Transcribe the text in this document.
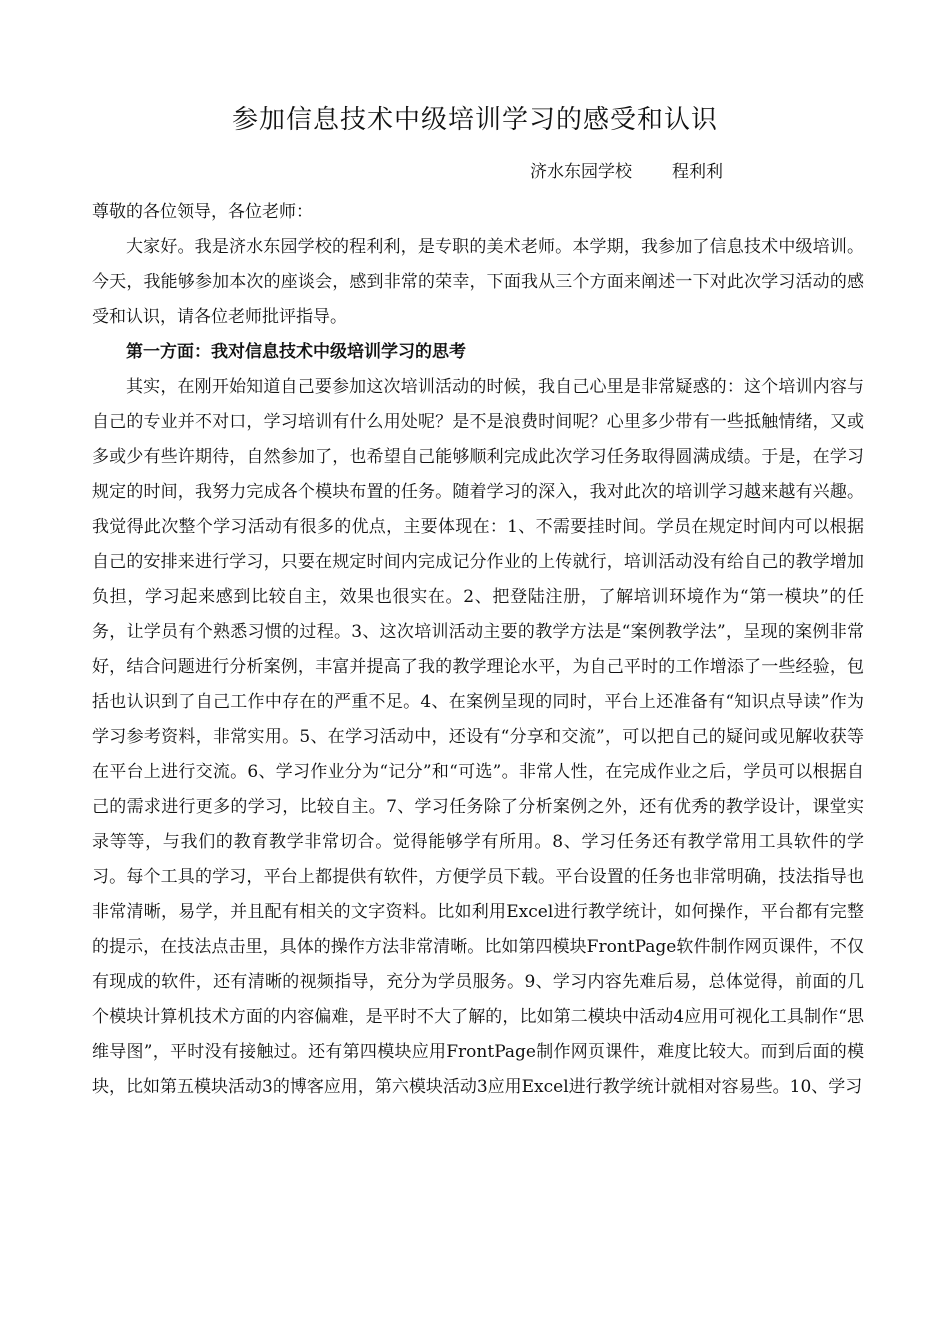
参加信息技术中级培训学习的感受和认识
济水东园学校 程利利

尊敬的各位领导，各位老师：

大家好。我是济水东园学校的程利利，是专职的美术老师。本学期，我参加了信息技术中级培训。今天，我能够参加本次的座谈会，感到非常的荣幸，下面我从三个方面来阐述一下对此次学习活动的感受和认识，请各位老师批评指导。

第一方面：我对信息技术中级培训学习的思考

其实，在刚开始知道自己要参加这次培训活动的时候，我自己心里是非常疑惑的：这个培训内容与自己的专业并不对口，学习培训有什么用处呢？是不是浪费时间呢？心里多少带有一些抵触情绪，又或多或少有些许期待，自然参加了，也希望自己能够顺利完成此次学习任务取得圆满成绩。于是，在学习规定的时间，我努力完成各个模块布置的任务。随着学习的深入，我对此次的培训学习越来越有兴趣。我觉得此次整个学习活动有很多的优点，主要体现在：1、不需要挂时间。学员在规定时间内可以根据自己的安排来进行学习，只要在规定时间内完成记分作业的上传就行，培训活动没有给自己的教学增加负担，学习起来感到比较自主，效果也很实在。2、把登陆注册，了解培训环境作为“第一模块”的任务，让学员有个熟悉习惯的过程。3、这次培训活动主要的教学方法是“案例教学法”，呈现的案例非常好，结合问题进行分析案例，丰富并提高了我的教学理论水平，为自己平时的工作增添了一些经验，包括也认识到了自己工作中存在的严重不足。4、在案例呈现的同时，平台上还准备有“知识点导读”作为学习参考资料，非常实用。5、在学习活动中，还设有“分享和交流”，可以把自己的疑问或见解收获等在平台上进行交流。6、学习作业分为“记分”和“可选”。非常人性，在完成作业之后，学员可以根据自己的需求进行更多的学习，比较自主。7、学习任务除了分析案例之外，还有优秀的教学设计，课堂实录等等，与我们的教育教学非常切合。觉得能够学有所用。8、学习任务还有教学常用工具软件的学习。每个工具的学习，平台上都提供有软件，方便学员下载。平台设置的任务也非常明确，技法指导也非常清晰，易学，并且配有相关的文字资料。比如利用Excel进行教学统计，如何操作，平台都有完整的提示，在技法点击里，具体的操作方法非常清晰。比如第四模块FrontPage软件制作网页课件，不仅有现成的软件，还有清晰的视频指导，充分为学员服务。9、学习内容先难后易，总体觉得，前面的几个模块计算机技术方面的内容偏难，是平时不大了解的，比如第二模块中活动4应用可视化工具制作“思维导图”，平时没有接触过。还有第四模块应用FrontPage制作网页课件，难度比较大。而到后面的模块，比如第五模块活动3的博客应用，第六模块活动3应用Excel进行教学统计就相对容易些。10、学习
